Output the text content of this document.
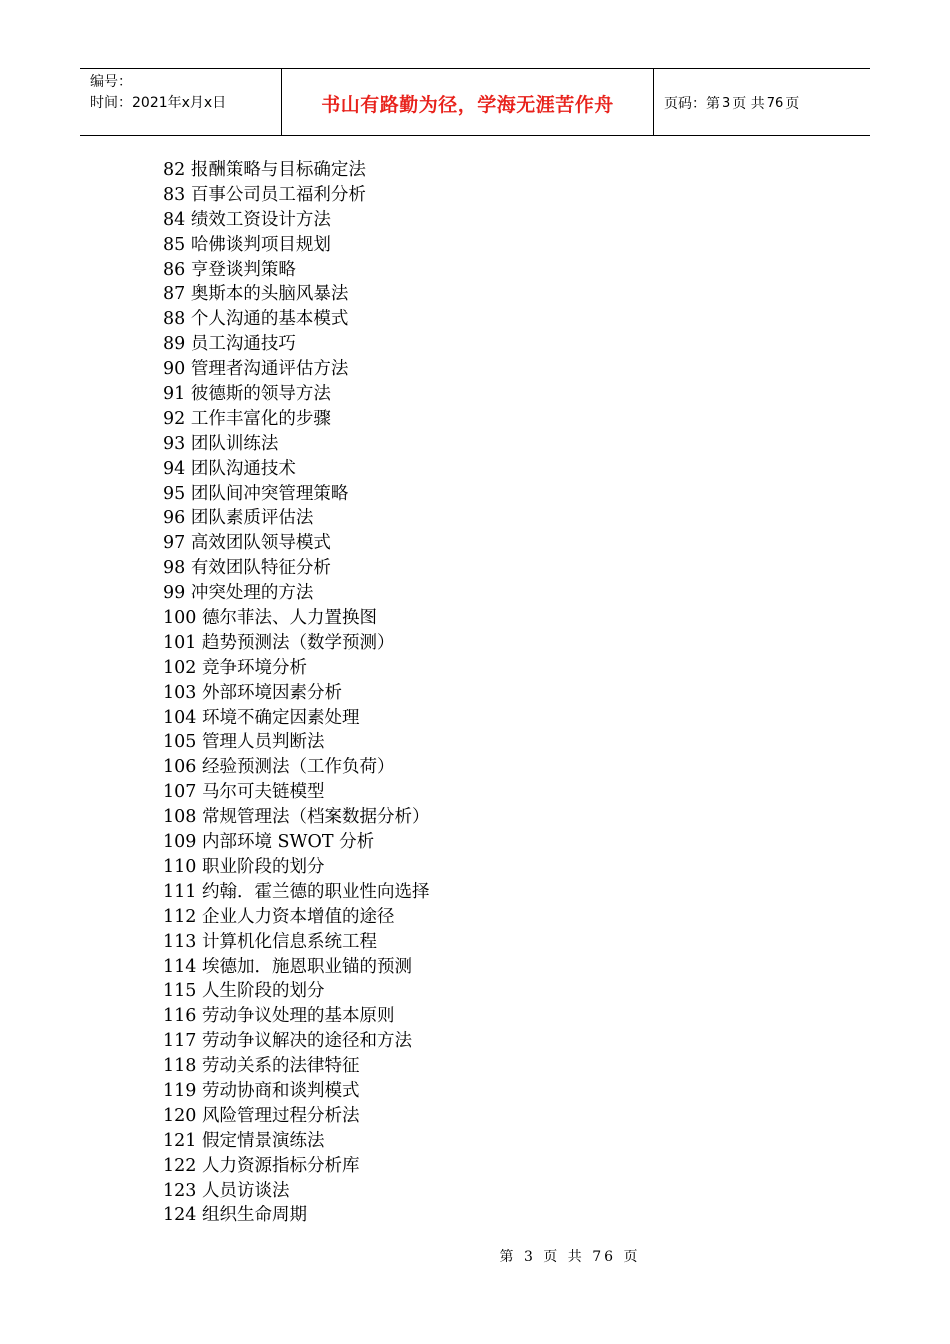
编号：
时间：2021年x月x日	书山有路勤为径，学海无涯苦作舟	页码：第 3 页 共 76 页
82 报酬策略与目标确定法
83 百事公司员工福利分析
84 绩效工资设计方法
85 哈佛谈判项目规划
86 亨登谈判策略
87 奥斯本的头脑风暴法
88 个人沟通的基本模式
89 员工沟通技巧
90 管理者沟通评估方法
91 彼德斯的领导方法
92 工作丰富化的步骤
93 团队训练法
94 团队沟通技术
95 团队间冲突管理策略
96 团队素质评估法
97 高效团队领导模式
98 有效团队特征分析
99 冲突处理的方法
100 德尔菲法、人力置换图
101 趋势预测法（数学预测）
102 竞争环境分析
103 外部环境因素分析
104 环境不确定因素处理
105 管理人员判断法
106 经验预测法（工作负荷）
107 马尔可夫链模型
108 常规管理法（档案数据分析）
109 内部环境 SWOT 分析
110 职业阶段的划分
111 约翰．霍兰德的职业性向选择
112 企业人力资本增值的途径
113 计算机化信息系统工程
114 埃德加．施恩职业锚的预测
115 人生阶段的划分
116 劳动争议处理的基本原则
117 劳动争议解决的途径和方法
118 劳动关系的法律特征
119 劳动协商和谈判模式
120 风险管理过程分析法
121 假定情景演练法
122 人力资源指标分析库
123 人员访谈法
124 组织生命周期
第 3 页 共 76 页
